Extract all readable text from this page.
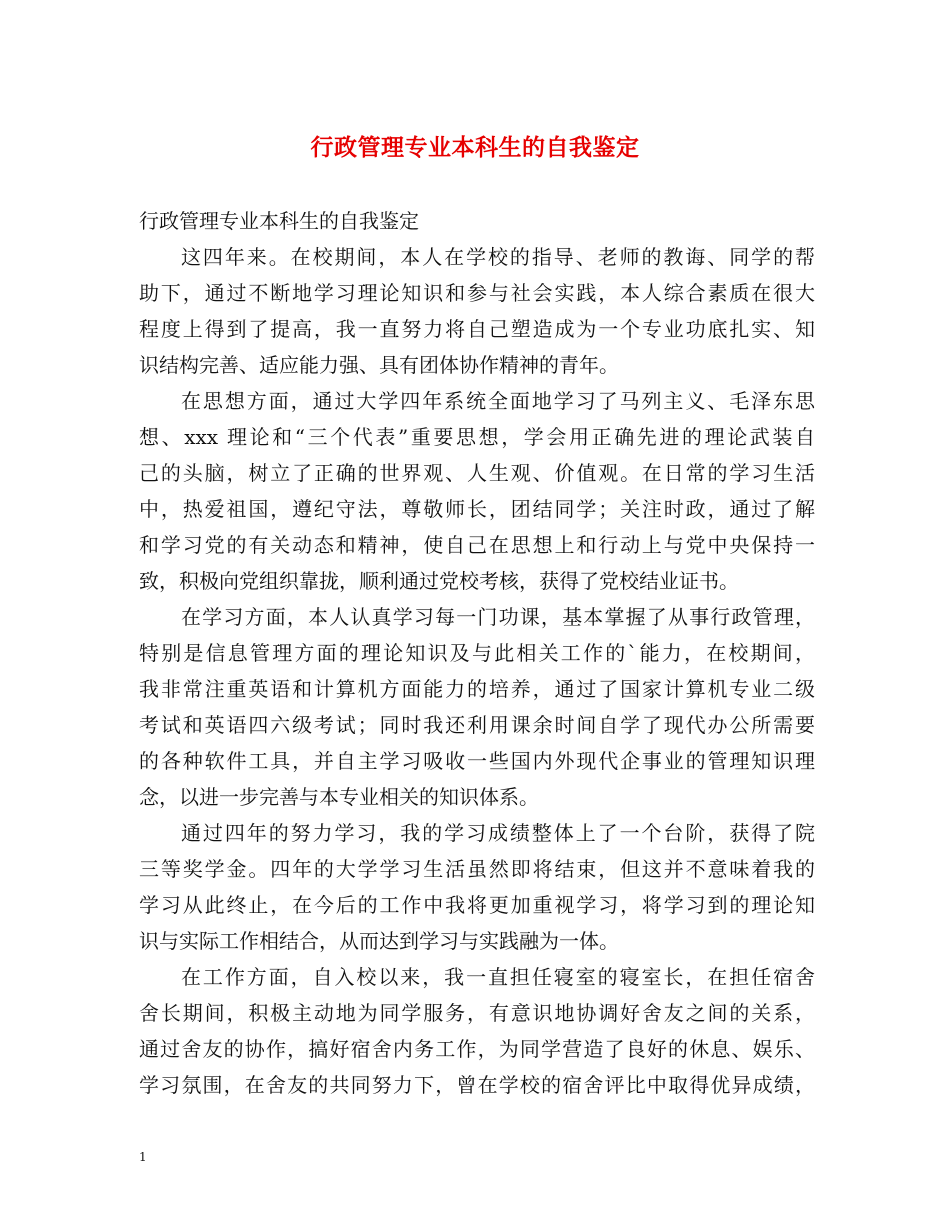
行政管理专业本科生的自我鉴定
行政管理专业本科生的自我鉴定
这四年来。在校期间，本人在学校的指导、老师的教诲、同学的帮
助下，通过不断地学习理论知识和参与社会实践，本人综合素质在很大
程度上得到了提高，我一直努力将自己塑造成为一个专业功底扎实、知
识结构完善、适应能力强、具有团体协作精神的青年。
在思想方面，通过大学四年系统全面地学习了马列主义、毛泽东思
想、xxx 理论和“三个代表”重要思想，学会用正确先进的理论武装自
己的头脑，树立了正确的世界观、人生观、价值观。在日常的学习生活
中，热爱祖国，遵纪守法，尊敬师长，团结同学；关注时政，通过了解
和学习党的有关动态和精神，使自己在思想上和行动上与党中央保持一
致，积极向党组织靠拢，顺利通过党校考核，获得了党校结业证书。
在学习方面，本人认真学习每一门功课，基本掌握了从事行政管理，
特别是信息管理方面的理论知识及与此相关工作的`能力，在校期间，
我非常注重英语和计算机方面能力的培养，通过了国家计算机专业二级
考试和英语四六级考试；同时我还利用课余时间自学了现代办公所需要
的各种软件工具，并自主学习吸收一些国内外现代企事业的管理知识理
念，以进一步完善与本专业相关的知识体系。
通过四年的努力学习，我的学习成绩整体上了一个台阶，获得了院
三等奖学金。四年的大学学习生活虽然即将结束，但这并不意味着我的
学习从此终止，在今后的工作中我将更加重视学习，将学习到的理论知
识与实际工作相结合，从而达到学习与实践融为一体。
在工作方面，自入校以来，我一直担任寝室的寝室长，在担任宿舍
舍长期间，积极主动地为同学服务，有意识地协调好舍友之间的关系，
通过舍友的协作，搞好宿舍内务工作，为同学营造了良好的休息、娱乐、
学习氛围，在舍友的共同努力下，曾在学校的宿舍评比中取得优异成绩，
1
